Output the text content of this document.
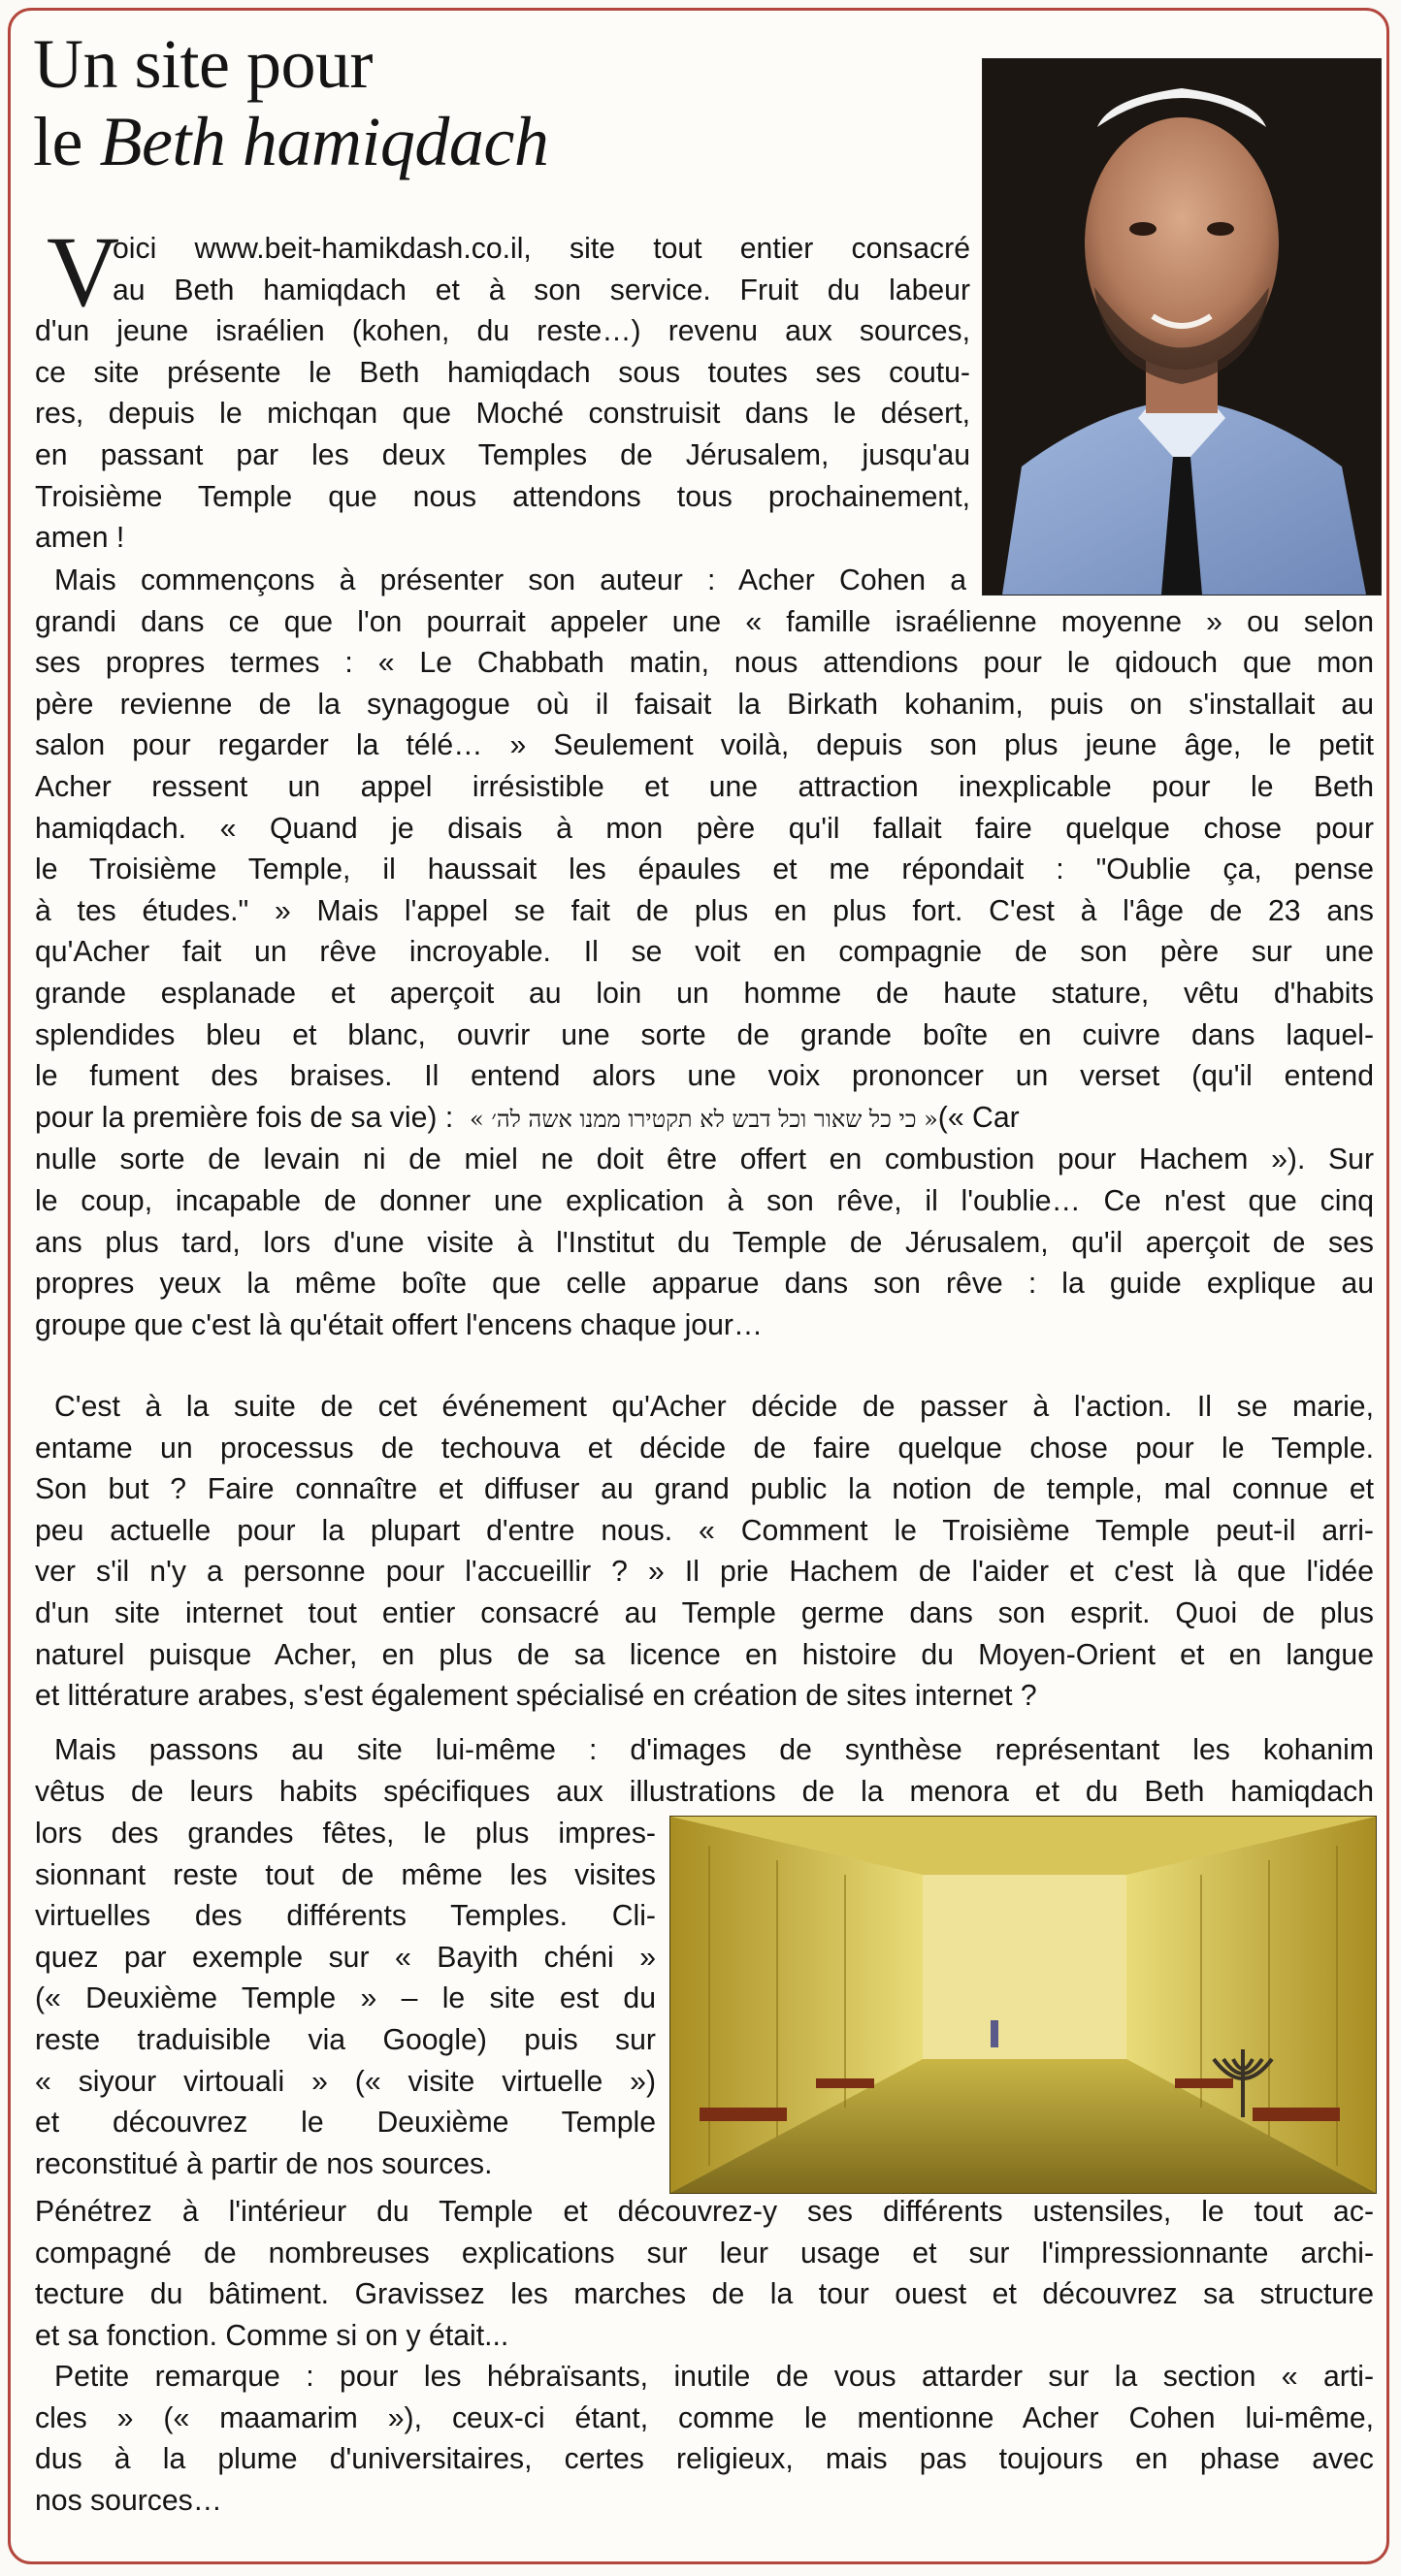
Un site pour
le Beth hamiqdach
V
oici www.beit-hamikdash.co.il, site tout entier consacré
au Beth hamiqdach et à son service. Fruit du labeur
d'un jeune israélien (kohen, du reste…) revenu aux sources,
ce site présente le Beth hamiqdach sous toutes ses coutu-
res, depuis le michqan que Moché construisit dans le désert,
en passant par les deux Temples de Jérusalem, jusqu'au
Troisième Temple que nous attendons tous prochainement,
amen !
Mais commençons à présenter son auteur : Acher Cohen a
grandi dans ce que l'on pourrait appeler une « famille israélienne moyenne » ou selon
ses propres termes : « Le Chabbath matin, nous attendions pour le qidouch que mon
père revienne de la synagogue où il faisait la Birkath kohanim, puis on s'installait au
salon pour regarder la télé… » Seulement voilà, depuis son plus jeune âge, le petit
Acher ressent un appel irrésistible et une attraction inexplicable pour le Beth
hamiqdach. « Quand je disais à mon père qu'il fallait faire quelque chose pour
le Troisième Temple, il haussait les épaules et me répondait : "Oublie ça, pense
à tes études." » Mais l'appel se fait de plus en plus fort. C'est à l'âge de 23 ans
qu'Acher fait un rêve incroyable. Il se voit en compagnie de son père sur une
grande esplanade et aperçoit au loin un homme de haute stature, vêtu d'habits
splendides bleu et blanc, ouvrir une sorte de grande boîte en cuivre dans laquel-
le fument des braises. Il entend alors une voix prononcer un verset (qu'il entend
pour la première fois de sa vie) : « כי כל שאור וכל דבש לא תקטירו ממנו אשה לה׳ »(« Car
nulle sorte de levain ni de miel ne doit être offert en combustion pour Hachem »). Sur
le coup, incapable de donner une explication à son rêve, il l'oublie… Ce n'est que cinq
ans plus tard, lors d'une visite à l'Institut du Temple de Jérusalem, qu'il aperçoit de ses
propres yeux la même boîte que celle apparue dans son rêve : la guide explique au
groupe que c'est là qu'était offert l'encens chaque jour…
C'est à la suite de cet événement qu'Acher décide de passer à l'action. Il se marie,
entame un processus de techouva et décide de faire quelque chose pour le Temple.
Son but ? Faire connaître et diffuser au grand public la notion de temple, mal connue et
peu actuelle pour la plupart d'entre nous. « Comment le Troisième Temple peut-il arri-
ver s'il n'y a personne pour l'accueillir ? » Il prie Hachem de l'aider et c'est là que l'idée
d'un site internet tout entier consacré au Temple germe dans son esprit. Quoi de plus
naturel puisque Acher, en plus de sa licence en histoire du Moyen-Orient et en langue
et littérature arabes, s'est également spécialisé en création de sites internet ?
Mais passons au site lui-même : d'images de synthèse représentant les kohanim
vêtus de leurs habits spécifiques aux illustrations de la menora et du Beth hamiqdach
lors des grandes fêtes, le plus impres-
sionnant reste tout de même les visites
virtuelles des différents Temples. Cli-
quez par exemple sur « Bayith chéni »
(« Deuxième Temple » – le site est du
reste traduisible via Google) puis sur
« siyour virtouali » (« visite virtuelle »)
et découvrez le Deuxième Temple
reconstitué à partir de nos sources.
Pénétrez à l'intérieur du Temple et découvrez-y ses différents ustensiles, le tout ac-
compagné de nombreuses explications sur leur usage et sur l'impressionnante archi-
tecture du bâtiment. Gravissez les marches de la tour ouest et découvrez sa structure
et sa fonction. Comme si on y était...
Petite remarque : pour les hébraïsants, inutile de vous attarder sur la section « arti-
cles » (« maamarim »), ceux-ci étant, comme le mentionne Acher Cohen lui-même,
dus à la plume d'universitaires, certes religieux, mais pas toujours en phase avec
nos sources…
